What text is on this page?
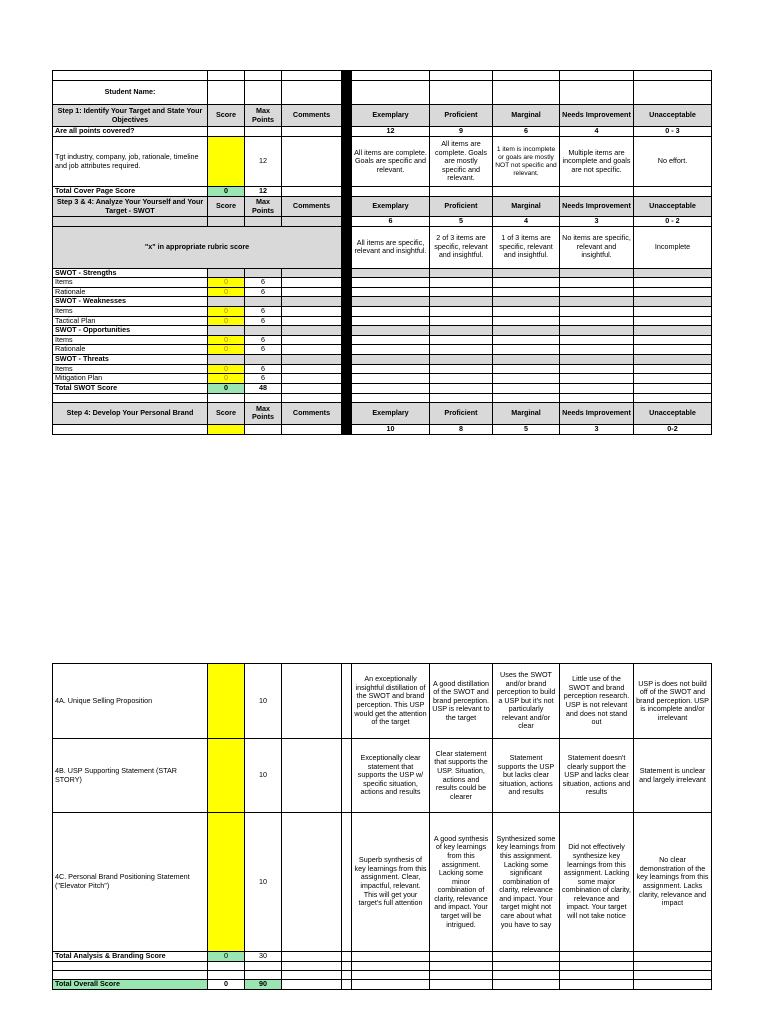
Student Name:									
Step 1: Identify Your Target and State Your Objectives	Score	Max Points	Comments		Exemplary	Proficient	Marginal	Needs Improvement	Unacceptable
Are all points covered?					12	9	6	4	0 - 3
Tgt industry, company, job, rationale, timeline and job attributes required.		12			All items are complete. Goals are specific and relevant.	All items are complete. Goals are mostly specific and relevant.	1 item is incomplete or goals are mostly NOT not specific and relevant.	Multiple items are incomplete and goals are not specific.	No effort.
Total Cover Page Score	0	12							
Step 3 & 4: Analyze Your Yourself and Your Target - SWOT	Score	Max Points	Comments		Exemplary	Proficient	Marginal	Needs Improvement	Unacceptable
					6	5	4	3	0 - 2
"x" in appropriate rubric score					All items are specific, relevant and insightful.	2 of 3 items are specific, relevant and insightful.	1 of 3 items are specific, relevant and insightful.	No items are specific, relevant and insightful.	Incomplete
SWOT - Strengths									
Items	0	6							
Rationale	0	6							
SWOT - Weaknesses									
Items	0	6							
Tactical Plan	0	6							
SWOT - Opportunities									
Items	0	6							
Rationale	0	6							
SWOT - Threats									
Items	0	6							
Mitigation Plan	0	6							
Total SWOT Score	0	48							

Step 4: Develop Your Personal Brand	Score	Max Points	Comments		Exemplary	Proficient	Marginal	Needs Improvement	Unacceptable
					10	8	5	3	0-2
4A. Unique Selling Proposition		10			An exceptionally insightful distillation of the SWOT and brand perception. This USP would get the attention of the target	A good distillation of the SWOT and brand perception. USP is relevant to the target	Uses the SWOT and/or brand perception to build a USP but it's not particularly relevant and/or clear	Little use of the SWOT and brand perception research. USP is not relevant and does not stand out	USP is does not build off of the SWOT and brand perception. USP is incomplete and/or irrelevant
4B. USP Supporting Statement (STAR STORY)		10			Exceptionally clear statement that supports the USP w/ specific situation, actions and results	Clear statement that supports the USP. Situation, actions and results could be clearer	Statement supports the USP but lacks clear situation, actions and results	Statement doesn't clearly support the USP and lacks clear situation, actions and results	Statement is unclear and largely irrelevant
4C. Personal Brand Positioning Statement ("Elevator Pitch")		10			Superb synthesis of key learnings from this assignment. Clear, impactful, relevant. This will get your target's full attention	A good synthesis of key learnings from this assignment. Lacking some minor combination of clarity, relevance and impact. Your target will be intrigued.	Synthesized some key learnings from this assignment. Lacking some significant combination of clarity, relevance and impact. Your target might not care about what you have to say	Did not effectively synthesize key learnings from this assignment. Lacking some major combination of clarity, relevance and impact. Your target will not take notice	No clear demonstration of the key learnings from this assignment. Lacks clarity, relevance and impact
Total Analysis & Branding Score	0	30							

Total Overall Score	0	90							
